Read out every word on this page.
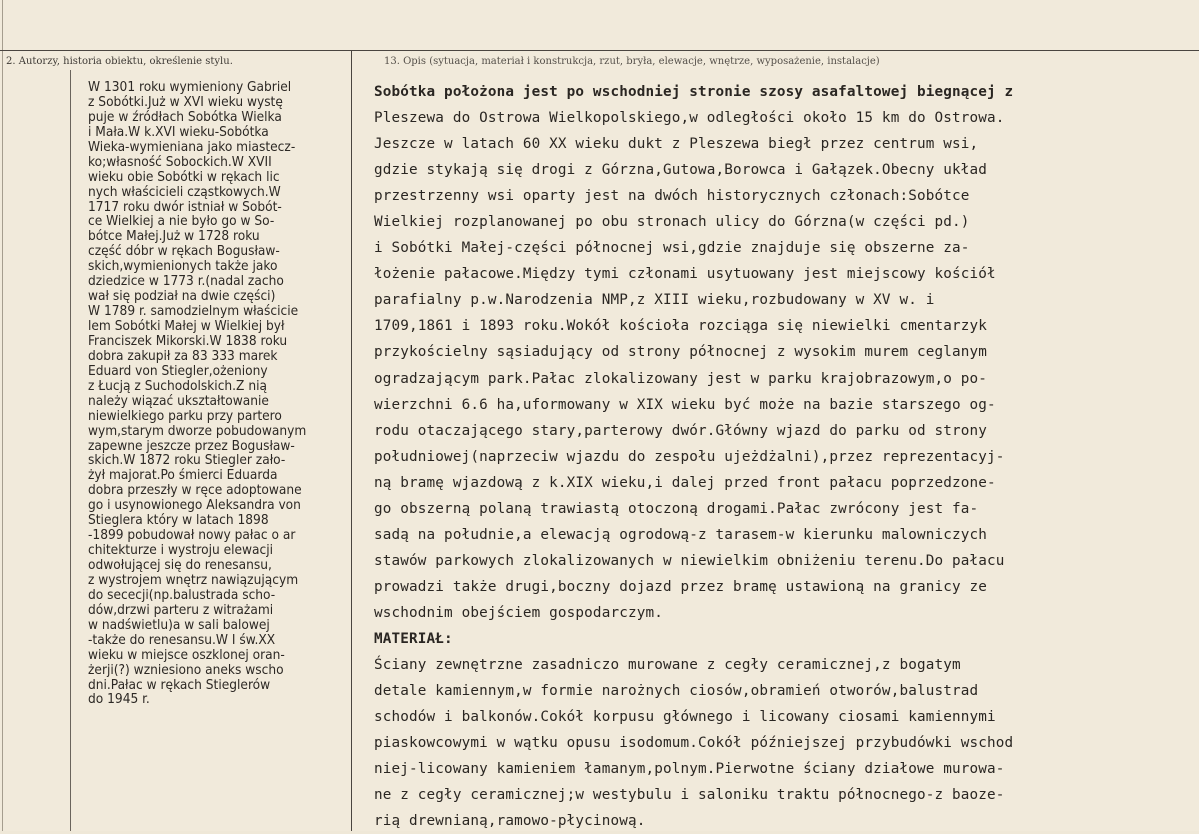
2. Autorzy, historia obiektu, określenie stylu.	13. Opis (sytuacja, materiał i konstrukcja, rzut, bryła, elewacje, wnętrze, wyposażenie, instalacje)
W 1301 roku wymieniony Gabriel
z Sobótki.Już w XVI wieku wystę
puje w źródłach Sobótka Wielka
i Mała.W k.XVI wieku-Sobótka
Wieka-wymieniana jako miastecz-
ko;własność Sobockich.W XVII
wieku obie Sobótki w rękach lic
nych właścicieli cząstkowych.W
1717 roku dwór istniał w Sobót-
ce Wielkiej a nie było go w So-
bótce Małej.Już w 1728 roku
część dóbr w rękach Bogusław-
skich,wymienionych także jako
dziedzice w 1773 r.(nadal zacho
wał się podział na dwie części)
W 1789 r. samodzielnym właścicie
lem Sobótki Małej w Wielkiej był
Franciszek Mikorski.W 1838 roku
dobra zakupił za 83 333 marek
Eduard von Stiegler,ożeniony
z Łucją z Suchodolskich.Z nią
należy wiązać ukształtowanie
niewielkiego parku przy partero
wym,starym dworze pobudowanym
zapewne jeszcze przez Bogusław-
skich.W 1872 roku Stiegler zało-
żył majorat.Po śmierci Eduarda
dobra przeszły w ręce adoptowane
go i usynowionego Aleksandra von
Stieglera który w latach 1898
-1899 pobudował nowy pałac o ar
chitekturze i wystroju elewacji
odwołującej się do renesansu,
z wystrojem wnętrz nawiązującym
do sececji(np.balustrada scho-
dów,drzwi parteru z witrażami
w nadświetlu)a w sali balowej
-także do renesansu.W I św.XX
wieku w miejsce oszklonej oran-
żerji(?) wzniesiono aneks wscho
dni.Pałac w rękach Stieglerów
do 1945 r.
Sobótka położona jest po wschodniej stronie szosy asafaltowej biegnącej z
Pleszewa do Ostrowa Wielkopolskiego,w odległości około 15 km do Ostrowa.
Jeszcze w latach 60 XX wieku dukt z Pleszewa biegł przez centrum wsi,
gdzie stykają się drogi z Górzna,Gutowa,Borowca i Gałązek.Obecny układ
przestrzenny wsi oparty jest na dwóch historycznych członach:Sobótce
Wielkiej rozplanowanej po obu stronach ulicy do Górzna(w części pd.)
i Sobótki Małej-części północnej wsi,gdzie znajduje się obszerne za-
łożenie pałacowe.Między tymi członami usytuowany jest miejscowy kościół
parafialny p.w.Narodzenia NMP,z XIII wieku,rozbudowany w XV w. i
1709,1861 i 1893 roku.Wokół kościoła rozciąga się niewielki cmentarzyk
przykościelny sąsiadujący od strony północnej z wysokim murem ceglanym
ogradzającym park.Pałac zlokalizowany jest w parku krajobrazowym,o po-
wierzchni 6.6 ha,uformowany w XIX wieku być może na bazie starszego og-
rodu otaczającego stary,parterowy dwór.Główny wjazd do parku od strony
południowej(naprzeciw wjazdu do zespołu ujeżdżalni),przez reprezentacyj-
ną bramę wjazdową z k.XIX wieku,i dalej przed front pałacu poprzedzone-
go obszerną polaną trawiastą otoczoną drogami.Pałac zwrócony jest fa-
sadą na południe,a elewacją ogrodową-z tarasem-w kierunku malowniczych
stawów parkowych zlokalizowanych w niewielkim obniżeniu terenu.Do pałacu
prowadzi także drugi,boczny dojazd przez bramę ustawioną na granicy ze
wschodnim obejściem gospodarczym.
MATERIAŁ:
Ściany zewnętrzne zasadniczo murowane z cegły ceramicznej,z bogatym
detale kamiennym,w formie narożnych ciosów,obramień otworów,balustrad
schodów i balkonów.Cokół korpusu głównego i licowany ciosami kamiennymi
piaskowcowymi w wątku opusu isodomum.Cokół późniejszej przybudówki wschod
niej-licowany kamieniem łamanym,polnym.Pierwotne ściany działowe murowa-
ne z cegły ceramicznej;w westybulu i saloniku traktu północnego-z baoze-
rią drewnianą,ramowo-płycinową.
